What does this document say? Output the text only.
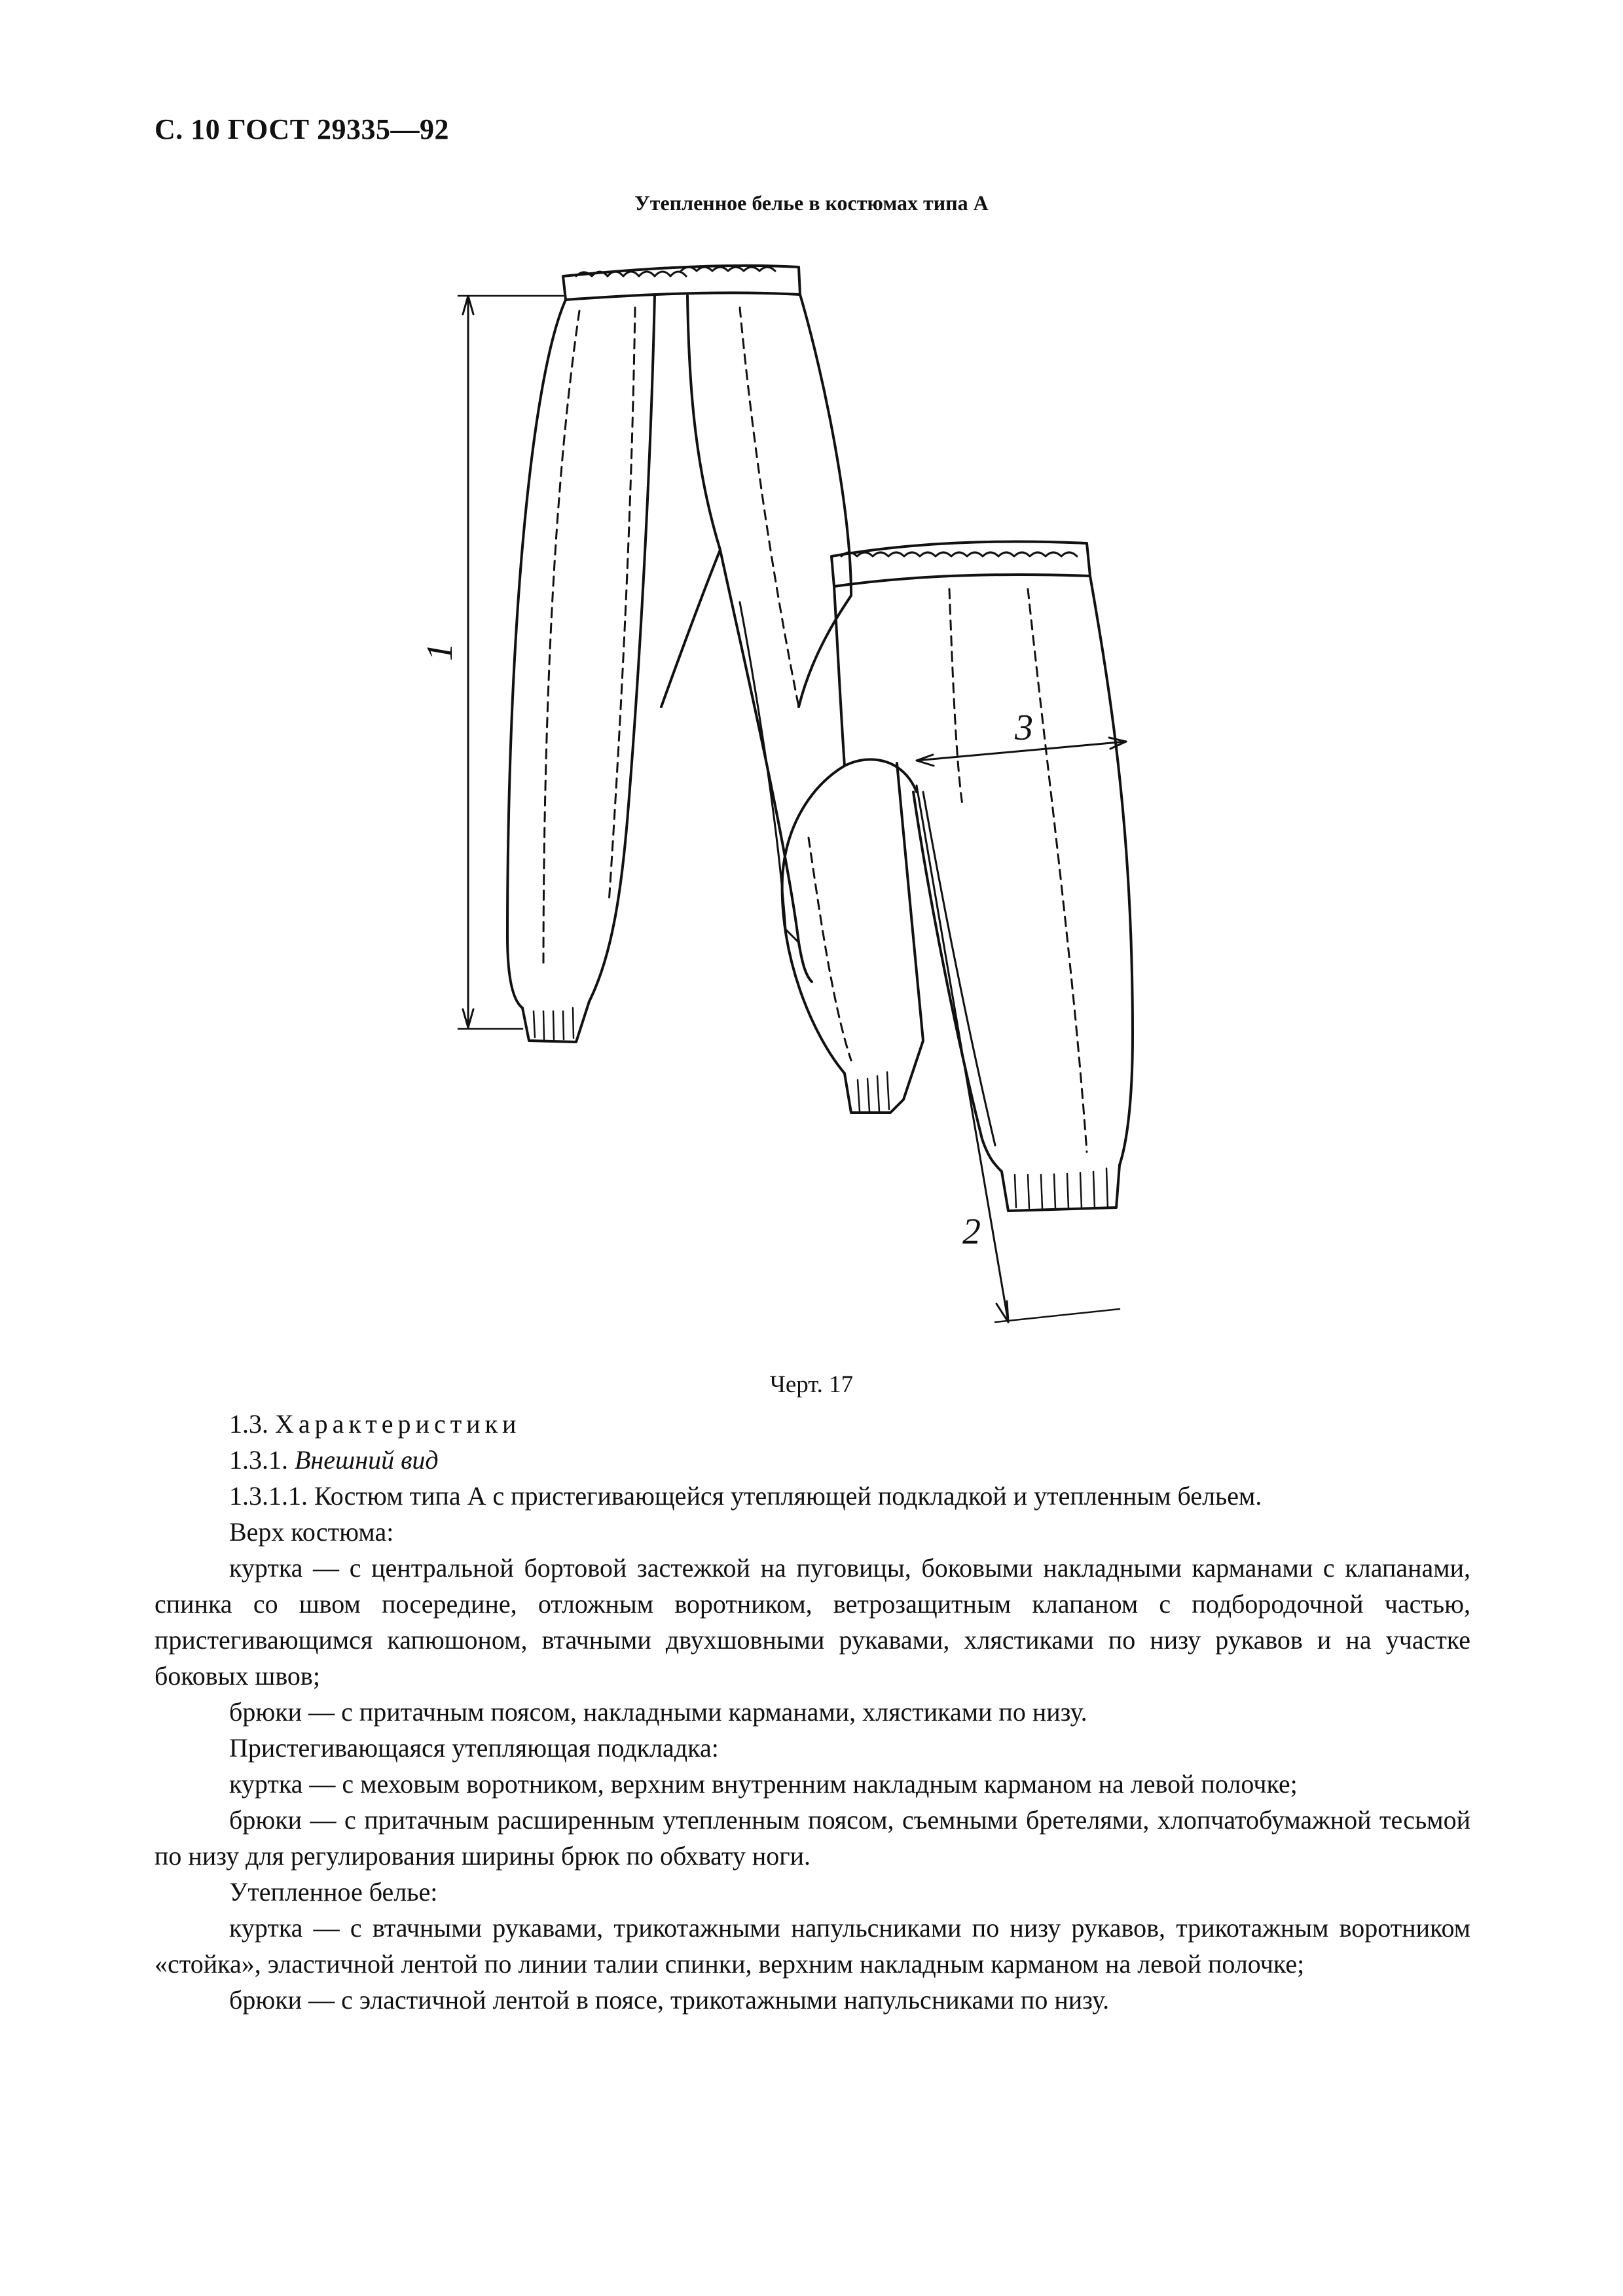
С. 10 ГОСТ 29335—92
Утепленное белье в костюмах типа А
1
3
2
Черт. 17

1.3. Характеристики

1.3.1. Внешний вид

1.3.1.1. Костюм типа А с пристегивающейся утепляющей подкладкой и утепленным бельем.

Верх костюма:

куртка — с центральной бортовой застежкой на пуговицы, боковыми накладными карманами с клапанами, спинка со швом посередине, отложным воротником, ветрозащитным клапаном с подбородочной частью, пристегивающимся капюшоном, втачными двухшовными рукавами, хлястиками по низу рукавов и на участке боковых швов;

брюки — с притачным поясом, накладными карманами, хлястиками по низу.

Пристегивающаяся утепляющая подкладка:

куртка — с меховым воротником, верхним внутренним накладным карманом на левой полочке;

брюки — с притачным расширенным утепленным поясом, съемными бретелями, хлопчатобумажной тесьмой по низу для регулирования ширины брюк по обхвату ноги.

Утепленное белье:

куртка — с втачными рукавами, трикотажными напульсниками по низу рукавов, трикотажным воротником «стойка», эластичной лентой по линии талии спинки, верхним накладным карманом на левой полочке;

брюки — с эластичной лентой в поясе, трикотажными напульсниками по низу.
